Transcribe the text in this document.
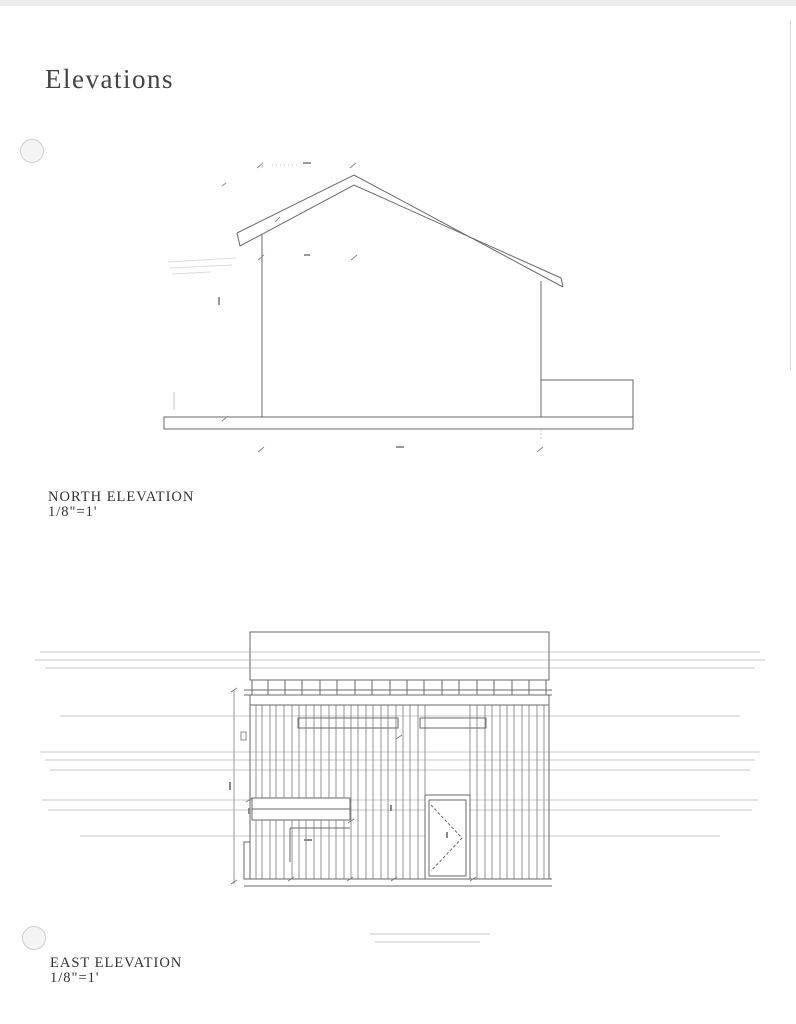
Elevations
NORTH ELEVATION
1/8"=1'
EAST ELEVATION
1/8"=1'
